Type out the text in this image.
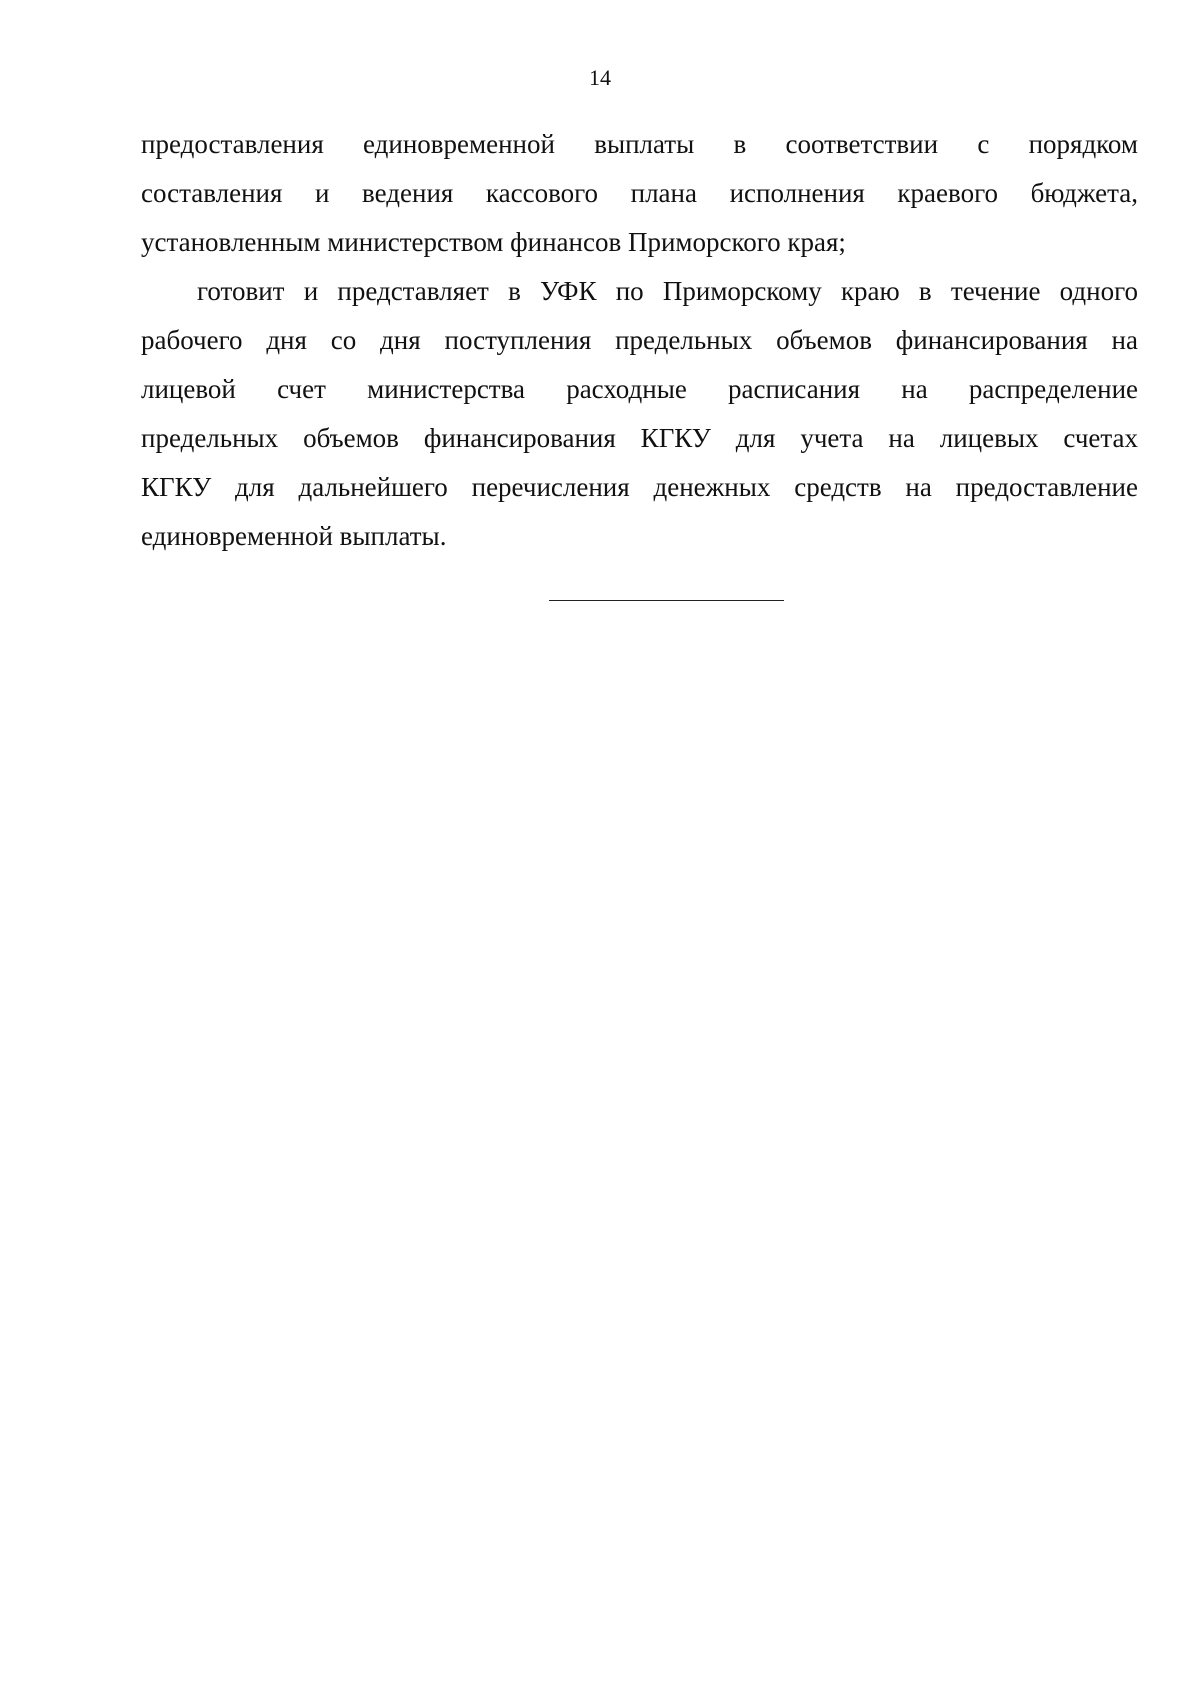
14
предоставления единовременной выплаты в соответствии с порядком
составления и ведения кассового плана исполнения краевого бюджета,
установленным министерством финансов Приморского края;
готовит и представляет в УФК по Приморскому краю в течение одного
рабочего дня со дня поступления предельных объемов финансирования на
лицевой счет министерства расходные расписания на распределение
предельных объемов финансирования КГКУ для учета на лицевых счетах
КГКУ для дальнейшего перечисления денежных средств на предоставление
единовременной выплаты.
